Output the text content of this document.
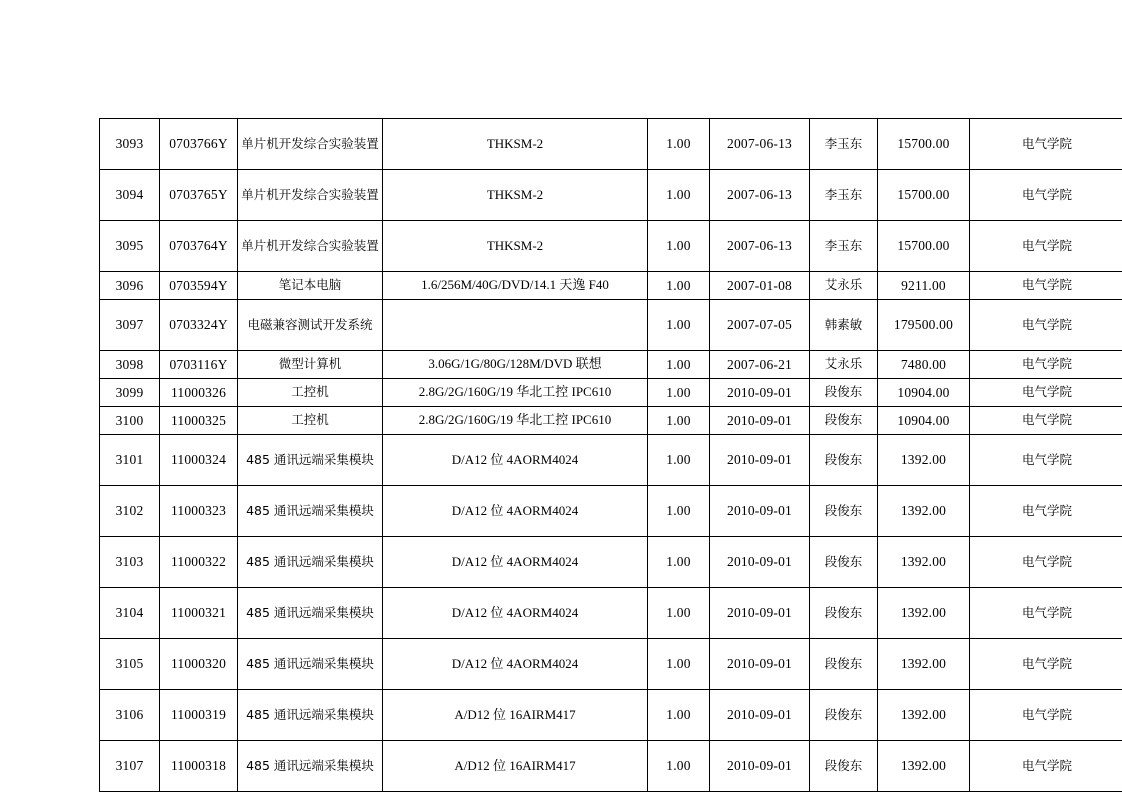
3093	0703766Y	单片机开发综合实验装置	THKSM-2	1.00	2007-06-13	李玉东	15700.00	电气学院
3094	0703765Y	单片机开发综合实验装置	THKSM-2	1.00	2007-06-13	李玉东	15700.00	电气学院
3095	0703764Y	单片机开发综合实验装置	THKSM-2	1.00	2007-06-13	李玉东	15700.00	电气学院
3096	0703594Y	笔记本电脑	1.6/256M/40G/DVD/14.1 天逸 F40	1.00	2007-01-08	艾永乐	9211.00	电气学院
3097	0703324Y	电磁兼容测试开发系统		1.00	2007-07-05	韩素敏	179500.00	电气学院
3098	0703116Y	微型计算机	3.06G/1G/80G/128M/DVD 联想	1.00	2007-06-21	艾永乐	7480.00	电气学院
3099	11000326	工控机	2.8G/2G/160G/19 华北工控 IPC610	1.00	2010-09-01	段俊东	10904.00	电气学院
3100	11000325	工控机	2.8G/2G/160G/19 华北工控 IPC610	1.00	2010-09-01	段俊东	10904.00	电气学院
3101	11000324	485 通讯远端采集模块	D/A12 位 4AORM4024	1.00	2010-09-01	段俊东	1392.00	电气学院
3102	11000323	485 通讯远端采集模块	D/A12 位 4AORM4024	1.00	2010-09-01	段俊东	1392.00	电气学院
3103	11000322	485 通讯远端采集模块	D/A12 位 4AORM4024	1.00	2010-09-01	段俊东	1392.00	电气学院
3104	11000321	485 通讯远端采集模块	D/A12 位 4AORM4024	1.00	2010-09-01	段俊东	1392.00	电气学院
3105	11000320	485 通讯远端采集模块	D/A12 位 4AORM4024	1.00	2010-09-01	段俊东	1392.00	电气学院
3106	11000319	485 通讯远端采集模块	A/D12 位 16AIRM417	1.00	2010-09-01	段俊东	1392.00	电气学院
3107	11000318	485 通讯远端采集模块	A/D12 位 16AIRM417	1.00	2010-09-01	段俊东	1392.00	电气学院
